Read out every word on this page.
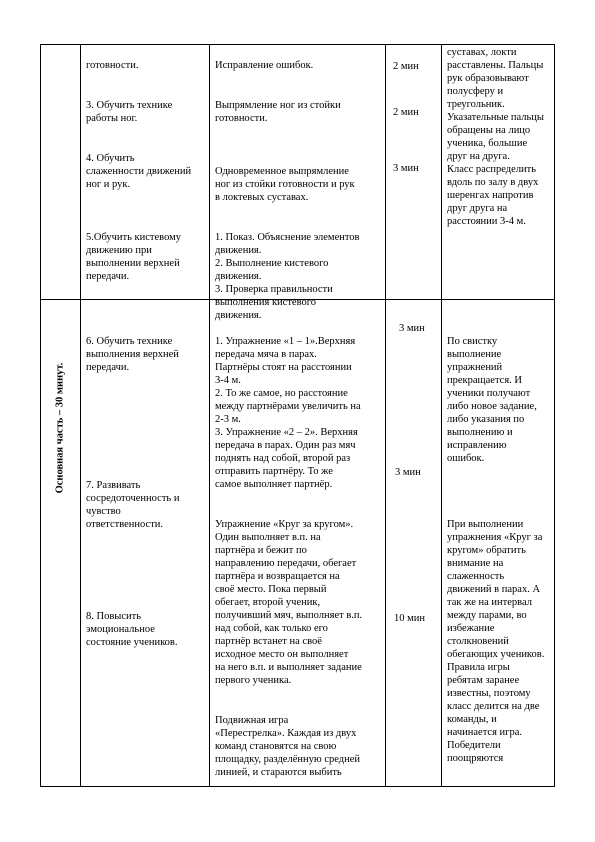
Основная часть – 30 минут.

готовности.

3. Обучить технике
работы ног.

4. Обучить
слаженности движений
ног и рук.

5.Обучить кистевому
движению при
выполнении верхней
передачи.

Исправление ошибок.

Выпрямление ног из стойки
готовности.

Одновременное выпрямление
ног из стойки готовности и рук
в локтевых суставах.

1. Показ. Объяснение элементов
движения.
2. Выполнение кистевого
движения.
3. Проверка правильности
выполнения кистевого
движения.

2 мин
2 мин
3 мин
суставах, локти
расставлены. Пальцы
рук образовывают
полусферу и
треугольник.
Указательные пальцы
обращены на лицо
ученика, большие
друг на друга.
Класс распределить
вдоль по залу в двух
шеренгах напротив
друг друга на
расстоянии 3-4 м.

6. Обучить технике
выполнения верхней
передачи.

7. Развивать
сосредоточенность и
чувство
ответственности.

8. Повысить
эмоциональное
состояние учеников.

1. Упражнение «1 – 1».Верхняя
передача мяча в парах.
Партнёры стоят на расстоянии
3-4 м.
2. То же самое, но расстояние
между партнёрами увеличить на
2-3 м.
3. Упражнение «2 – 2». Верхняя
передача в парах. Один раз мяч
поднять над собой, второй раз
отправить партнёру. То же
самое выполняет партнёр.

Упражнение «Круг за кругом».
Один выполняет в.п. на
партнёра и бежит по
направлению передачи, обегает
партнёра и возвращается на
своё место. Пока первый
обегает, второй ученик,
получивший мяч, выполняет в.п.
над собой, как только его
партнёр встанет на своё
исходное место он выполняет
на него в.п. и выполняет задание
первого ученика.

Подвижная игра
«Перестрелка». Каждая из двух
команд становятся на свою
площадку, разделённую средней
линией, и стараются выбить

3 мин
3 мин
10 мин

По свистку
выполнение
упражнений
прекращается. И
ученики получают
либо новое задание,
либо указания по
выполнению и
исправлению
ошибок.

При выполнении
упражнения «Круг за
кругом» обратить
внимание на
слаженность
движений в парах. А
так же на интервал
между парами, во
избежание
столкновений
обегающих учеников.
Правила игры
ребятам заранее
известны, поэтому
класс делится на две
команды, и
начинается игра.
Победители
поощряются
